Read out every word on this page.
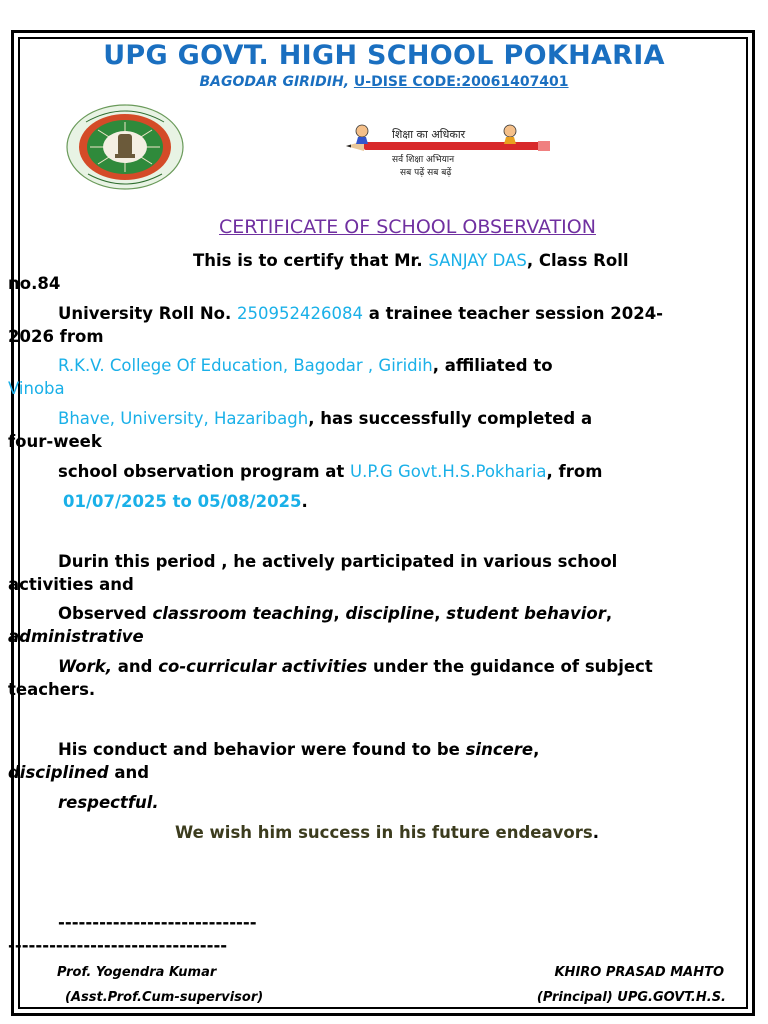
UPG GOVT. HIGH SCHOOL POKHARIA
BAGODAR GIRIDIH, U-DISE CODE:20061407401
शिक्षा का अधिकार
सर्व शिक्षा अभियान
सब पढ़ें सब बढ़ें
CERTIFICATE OF SCHOOL OBSERVATION
This is to certify that Mr. SANJAY DAS, Class Roll
no.84
University Roll No. 250952426084 a trainee teacher session 2024-
2026 from
R.K.V. College Of Education, Bagodar , Giridih, affiliated to
Vinoba
Bhave, University, Hazaribagh, has successfully completed a
four-week
school observation program at U.P.G Govt.H.S.Pokharia, from
01/07/2025 to 05/08/2025.
Durin this period , he actively participated in various school
activities and
Observed classroom teaching, discipline, student behavior,
administrative
Work, and co-curricular activities under the guidance of subject
teachers.
His conduct and behavior were found to be sincere,
disciplined and
respectful.
We wish him success in his future endeavors.
-----------------------------
--------------------------------
Prof. Yogendra Kumar
(Asst.Prof.Cum-supervisor)
KHIRO PRASAD MAHTO
(Principal) UPG.GOVT.H.S.
